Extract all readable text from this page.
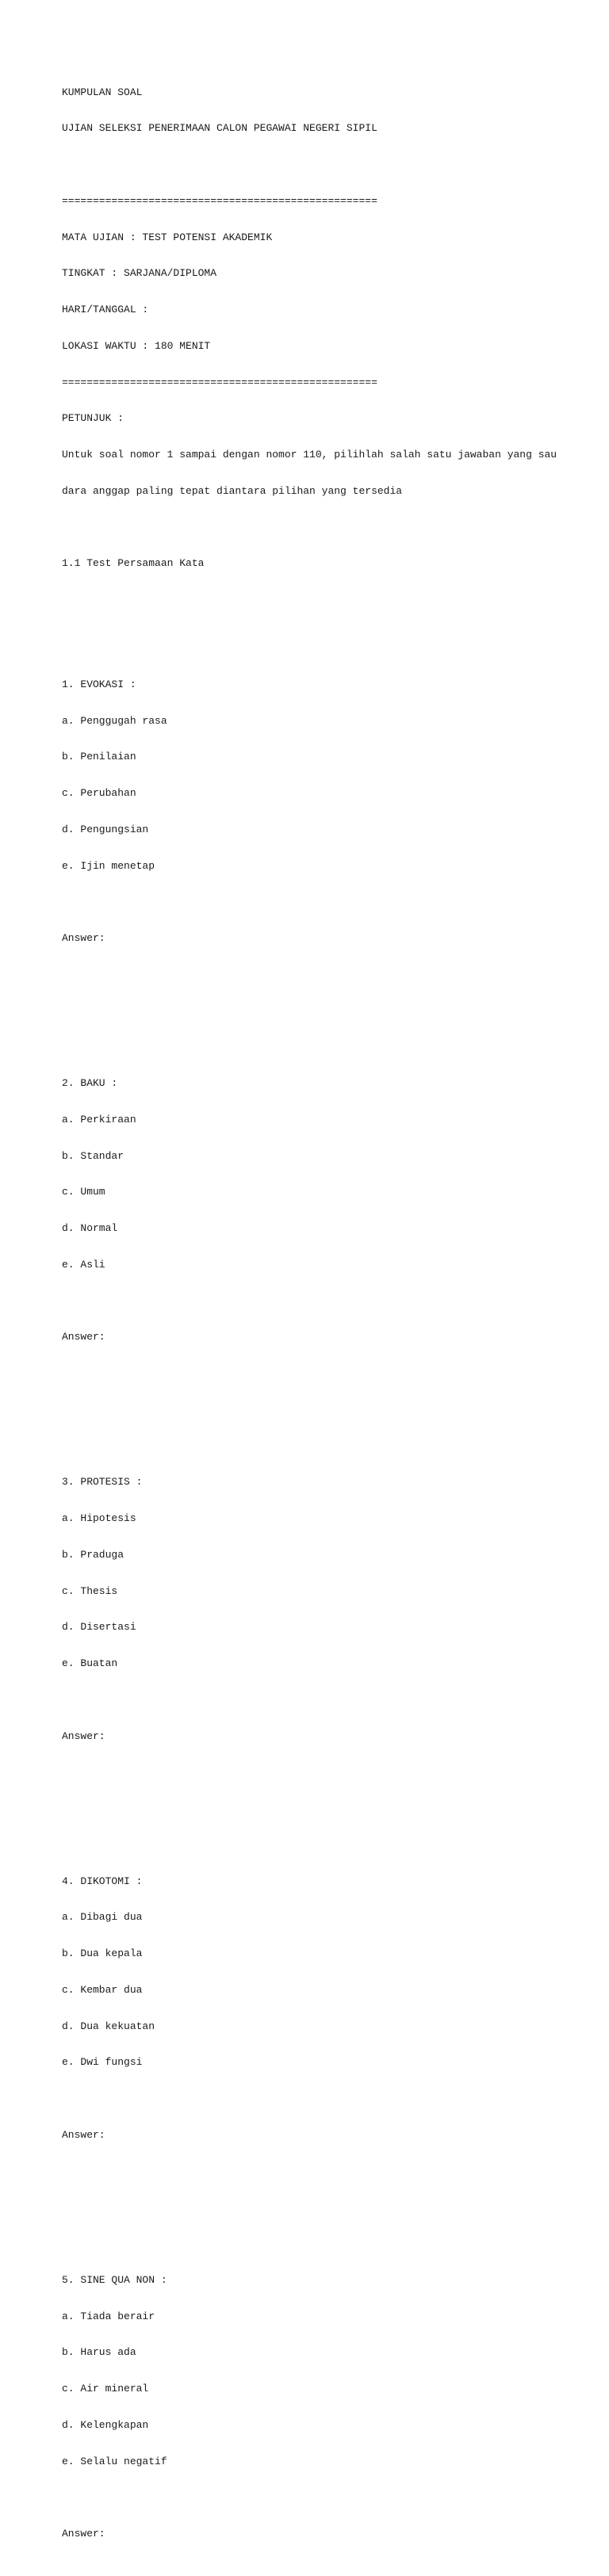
KUMPULAN SOAL

UJIAN SELEKSI PENERIMAAN CALON PEGAWAI NEGERI SIPIL

===================================================

MATA UJIAN : TEST POTENSI AKADEMIK

TINGKAT : SARJANA/DIPLOMA

HARI/TANGGAL :

LOKASI WAKTU : 180 MENIT

===================================================

PETUNJUK :

Untuk soal nomor 1 sampai dengan nomor 110, pilihlah salah satu jawaban yang sau

dara anggap paling tepat diantara pilihan yang tersedia

1.1 Test Persamaan Kata

1. EVOKASI :

a. Penggugah rasa

b. Penilaian

c. Perubahan

d. Pengungsian

e. Ijin menetap

Answer:

2. BAKU :

a. Perkiraan

b. Standar

c. Umum

d. Normal

e. Asli

Answer:

3. PROTESIS :

a. Hipotesis

b. Praduga

c. Thesis

d. Disertasi

e. Buatan

Answer:

4. DIKOTOMI :

a. Dibagi dua

b. Dua kepala

c. Kembar dua

d. Dua kekuatan

e. Dwi fungsi

Answer:

5. SINE QUA NON :

a. Tiada berair

b. Harus ada

c. Air mineral

d. Kelengkapan

e. Selalu negatif

Answer:
